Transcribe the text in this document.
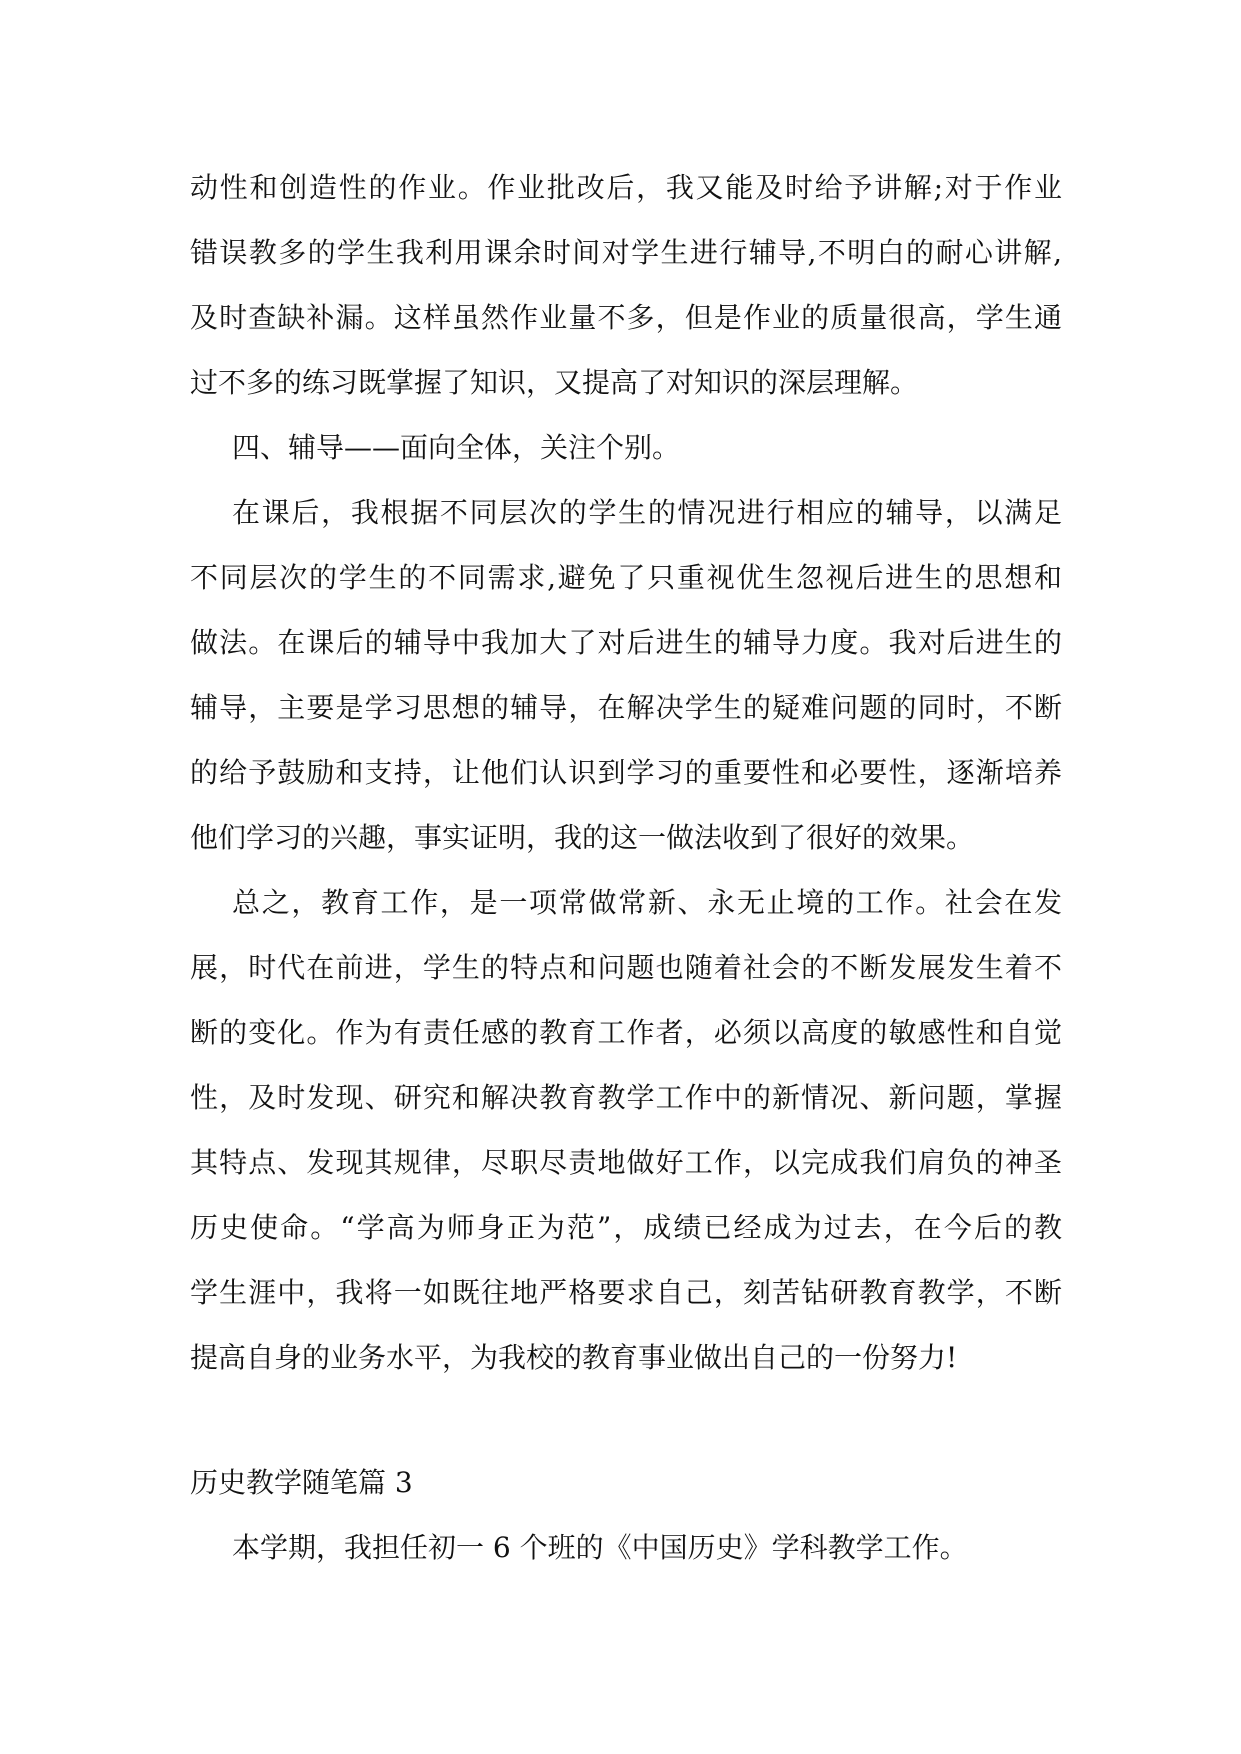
动性和创造性的作业。作业批改后，我又能及时给予讲解;对于作业
错误教多的学生我利用课余时间对学生进行辅导,不明白的耐心讲解,
及时查缺补漏。这样虽然作业量不多，但是作业的质量很高，学生通
过不多的练习既掌握了知识，又提高了对知识的深层理解。
四、辅导——面向全体，关注个别。
在课后，我根据不同层次的学生的情况进行相应的辅导，以满足
不同层次的学生的不同需求,避免了只重视优生忽视后进生的思想和
做法。在课后的辅导中我加大了对后进生的辅导力度。我对后进生的
辅导，主要是学习思想的辅导，在解决学生的疑难问题的同时，不断
的给予鼓励和支持，让他们认识到学习的重要性和必要性，逐渐培养
他们学习的兴趣，事实证明，我的这一做法收到了很好的效果。
总之，教育工作，是一项常做常新、永无止境的工作。社会在发
展，时代在前进，学生的特点和问题也随着社会的不断发展发生着不
断的变化。作为有责任感的教育工作者，必须以高度的敏感性和自觉
性，及时发现、研究和解决教育教学工作中的新情况、新问题，掌握
其特点、发现其规律，尽职尽责地做好工作，以完成我们肩负的神圣
历史使命。“学高为师身正为范”，成绩已经成为过去，在今后的教
学生涯中，我将一如既往地严格要求自己，刻苦钻研教育教学，不断
提高自身的业务水平，为我校的教育事业做出自己的一份努力!
历史教学随笔篇 3
本学期，我担任初一 6 个班的《中国历史》学科教学工作。
